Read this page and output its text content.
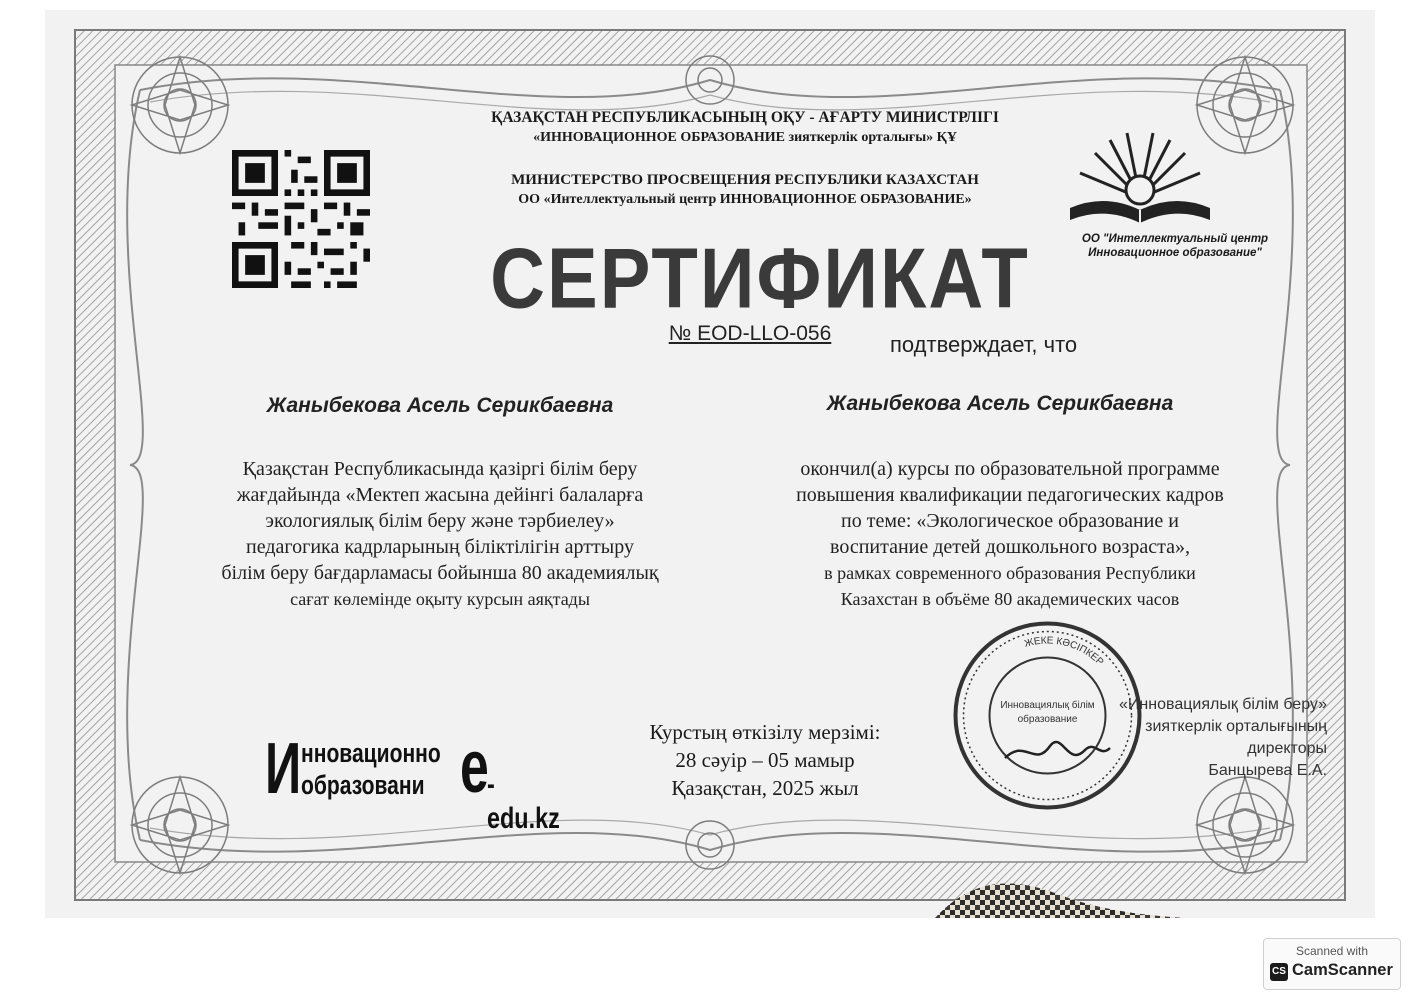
ҚАЗАҚСТАН РЕСПУБЛИКАСЫНЫҢ ОҚУ - АҒАРТУ МИНИСТРЛІГІ
«ИННОВАЦИОННОЕ ОБРАЗОВАНИЕ зияткерлік орталығы» ҚҰ
МИНИСТЕРСТВО ПРОСВЕЩЕНИЯ РЕСПУБЛИКИ КАЗАХСТАН
ОО «Интеллектуальный центр ИННОВАЦИОННОЕ ОБРАЗОВАНИЕ»
ОО "Интеллектуальный центр
Инновационное образование"
СЕРТИФИКАТ
№ EOD-LLO-056	подтверждает, что
Жаныбекова Асель Серикбаевна	Жаныбекова Асель Серикбаевна
Қазақстан Республикасында қазіргі білім беру
жағдайында «Мектеп жасына дейінгі балаларға
экологиялық білім беру және тәрбиелеу»
педагогика кадрларының біліктілігін арттыру
білім беру бағдарламасы бойынша 80 академиялық
сағат көлемінде оқыту курсын аяқтады
окончил(а) курсы по образовательной программе
повышения квалификации педагогических кадров
по теме: «Экологическое образование и
воспитание детей дошкольного возраста»,
в рамках современного образования Республики
Казахстан в объёме 80 академических часов
Курстың өткізілу мерзімі:
28 сәуір – 05 мамыр
Қазақстан, 2025 жыл
ЖЕКЕ КӘСІПКЕР
Инновациялық білім
образование
«Инновациялық білім беру»
зияткерлік орталығының
директоры
Банцырева Е.А.
И нновационно
образовани е
-edu.kz
Scanned with
CS CamScanner
